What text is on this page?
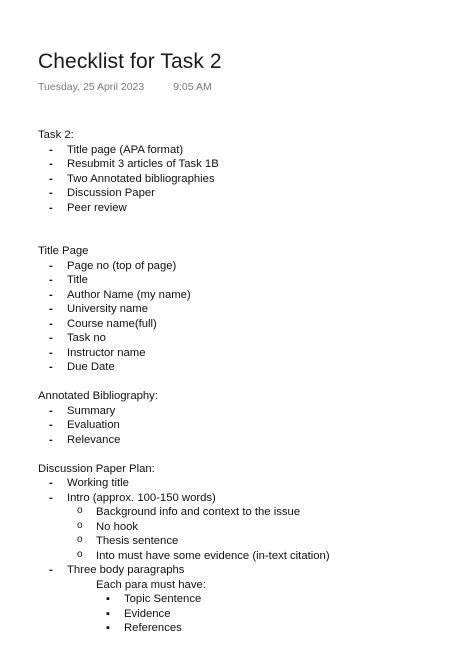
Checklist for Task 2
Tuesday, 25 April 2023	9:05 AM
Task 2:
- Title page (APA format)
- Resubmit 3 articles of Task 1B
- Two Annotated bibliographies
- Discussion Paper
- Peer review
Title Page
- Page no (top of page)
- Title
- Author Name (my name)
- University name
- Course name(full)
- Task no
- Instructor name
- Due Date
Annotated Bibliography:
- Summary
- Evaluation
- Relevance
Discussion Paper Plan:
- Working title
- Intro (approx. 100-150 words)
o Background info and context to the issue
o No hook
o Thesis sentence
o Into must have some evidence (in-text citation)
- Three body paragraphs
Each para must have:
▪ Topic Sentence
▪ Evidence
▪ References
